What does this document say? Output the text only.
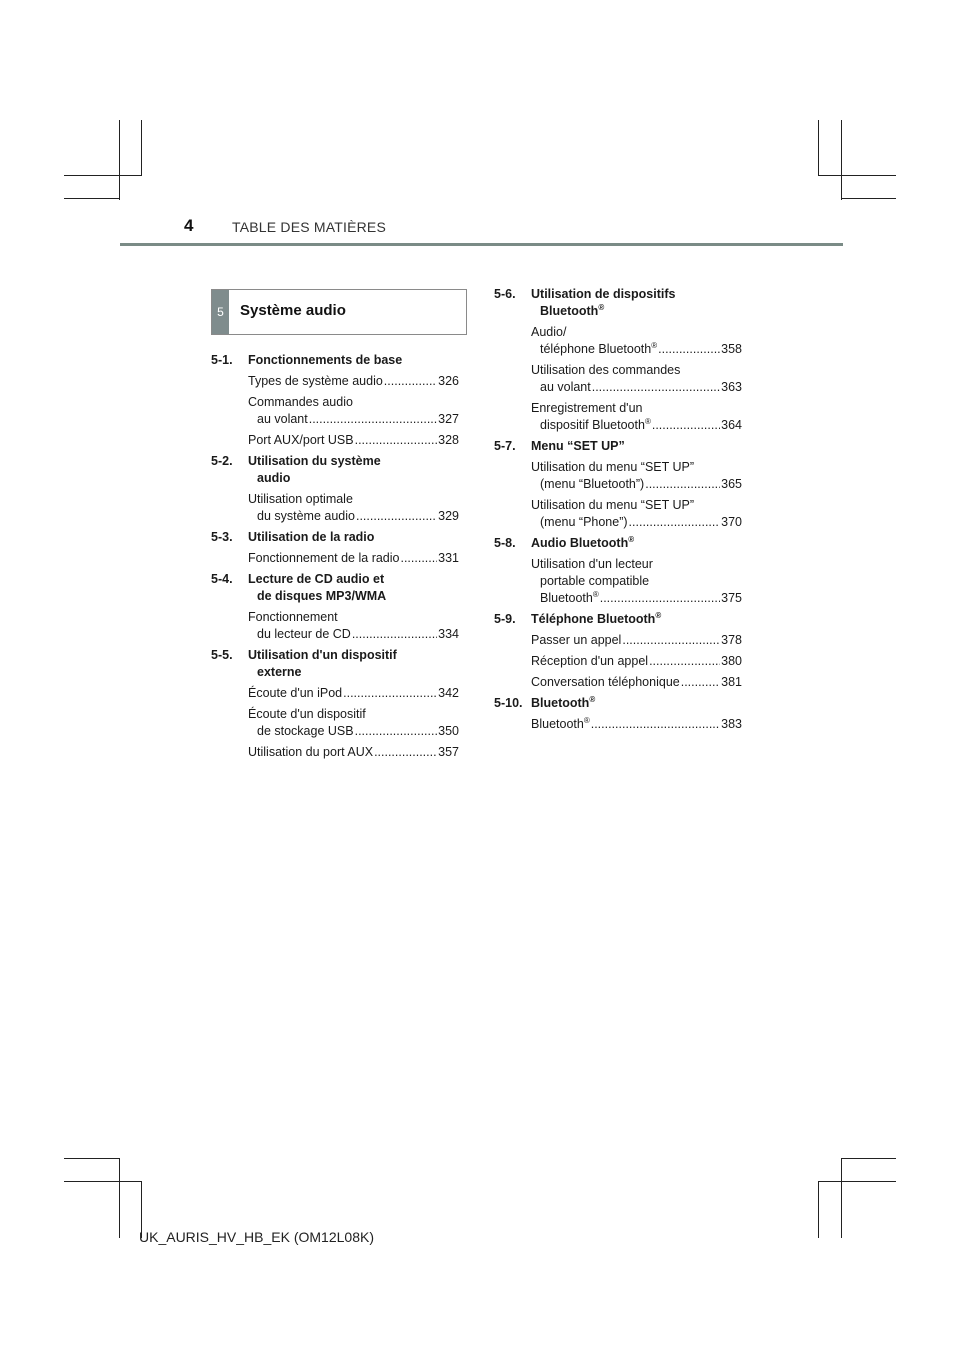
4	TABLE DES MATIÈRES
5	Système audio
5-1.	Fonctionnements de base
Types de système audio .....	326
Commandes audio
au volant .....	327
Port AUX/port USB .....	328
5-2.	Utilisation du système
audio
Utilisation optimale
du système audio .....	329
5-3.	Utilisation de la radio
Fonctionnement de la radio .....	331
5-4.	Lecture de CD audio et
de disques MP3/WMA
Fonctionnement
du lecteur de CD .....	334
5-5.	Utilisation d'un dispositif
externe
Écoute d'un iPod .....	342
Écoute d'un dispositif
de stockage USB .....	350
Utilisation du port AUX .....	357
5-6.	Utilisation de dispositifs
Bluetooth®
Audio/
téléphone Bluetooth® .....	358
Utilisation des commandes
au volant .....	363
Enregistrement d'un
dispositif Bluetooth® .....	364
5-7.	Menu “SET UP”
Utilisation du menu “SET UP”
(menu “Bluetooth”) .....	365
Utilisation du menu “SET UP”
(menu “Phone”) .....	370
5-8.	Audio Bluetooth®
Utilisation d'un lecteur
portable compatible
Bluetooth® .....	375
5-9.	Téléphone Bluetooth®
Passer un appel .....	378
Réception d'un appel .....	380
Conversation téléphonique .....	381
5-10. Bluetooth®
Bluetooth® .....	383
UK_AURIS_HV_HB_EK (OM12L08K)
